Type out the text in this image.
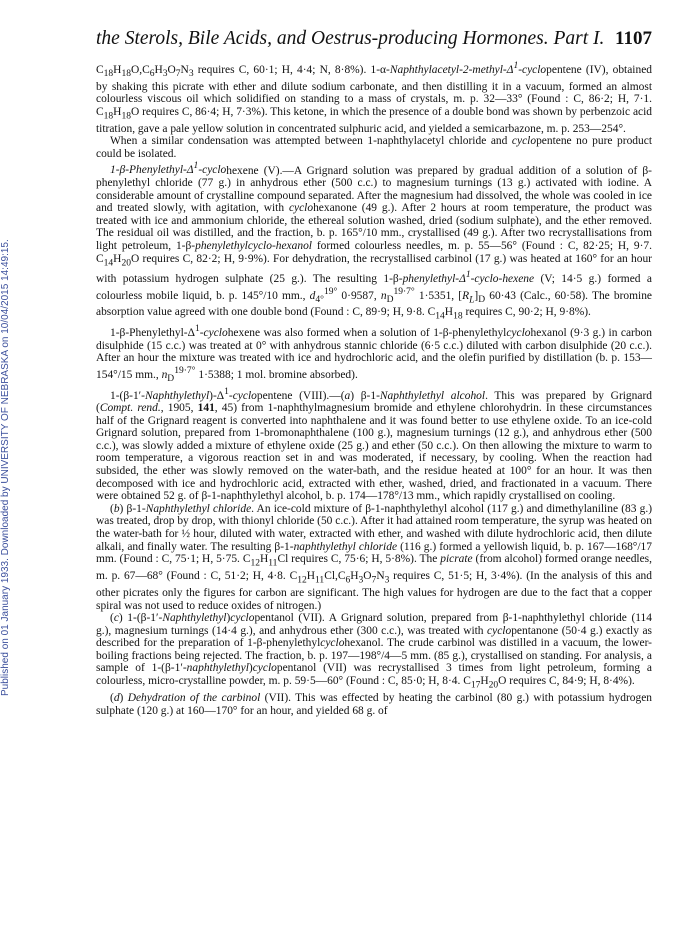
the Sterols, Bile Acids, and Oestrus-producing Hormones. Part I. 1107
Published on 01 January 1933. Downloaded by UNIVERSITY OF NEBRASKA on 10/04/2015 14:49:15.

$C_{18}H_{18}O,C_6H_3O_7N_3$ requires C, 60·1; H, 4·4; N, 8·8%). $1-\alpha-Naphthylacetyl-2-methyl-\Delta^1$-cyclopentene (IV), obtained by shaking this picrate with ether and dilute sodium carbonate, and then distilling it in a vacuum, formed an almost colourless viscous oil which solidified on standing to a mass of crystals, m. p. 32—33° (Found : C, 86·2; H, 7·1. $C_{18}H_{18}O$ requires C, 86·4; H, 7·3%). This ketone, in which the presence of a double bond was shown by perbenzoic acid titration, gave a pale yellow solution in concentrated sulphuric acid, and yielded a semicarbazone, m. p. 253—254°.

When a similar condensation was attempted between 1-naphthylacetyl chloride and cyclopentene no pure product could be isolated.

$1-\beta-Phenylethyl-\Delta^1$-cyclohexene (V).—A Grignard solution was prepared by gradual addition of a solution of β-phenylethyl chloride (77 g.) in anhydrous ether (500 c.c.) to magnesium turnings (13 g.) activated with iodine. A considerable amount of crystalline compound separated. After the magnesium had dissolved, the whole was cooled in ice and treated slowly, with agitation, with cyclohexanone (49 g.). After 2 hours at room temperature, the product was treated with ice and ammonium chloride, the ethereal solution washed, dried (sodium sulphate), and the ether removed. The residual oil was distilled, and the fraction, b. p. 165°/10 mm., crystallised (49 g.). After two recrystallisations from light petroleum, 1-β-phenylethylcyclo-hexanol formed colourless needles, m. p. 55—56° (Found : C, 82·25; H, 9·7. $C_{14}H_{20}O$ requires C, 82·2; H, 9·9%). For dehydration, the recrystallised carbinol (17 g.) was heated at 160° for an hour with potassium hydrogen sulphate (25 g.). The resulting $1-\beta-phenylethyl-\Delta^1-cyclo$-hexene (V; 14·5 g.) formed a colourless mobile liquid, b. p. 145°/10 mm., $d_{4^\circ}^{19^\circ}$ 0·9587, $n_D^{19\cdot 7^\circ}$ 1·5351, $[R_L]_D$ 60·43 (Calc., 60·58). The bromine absorption value agreed with one double bond (Found : C, 89·9; H, 9·8. $C_{14}H_{18}$ requires C, 90·2; H, 9·8%).

$1-\beta-Phenylethyl-\Delta^1$-cyclohexene was also formed when a solution of 1-β-phenylethylcyclohexanol (9·3 g.) in carbon disulphide (15 c.c.) was treated at 0° with anhydrous stannic chloride (6·5 c.c.) diluted with carbon disulphide (20 c.c.). After an hour the mixture was treated with ice and hydrochloric acid, and the olefin purified by distillation (b. p. 153—154°/15 mm., $n_D^{19\cdot 7^\circ}$ 1·5388; 1 mol. bromine absorbed).

$1-(\beta-1'-Naphthylethyl)-\Delta^1$-cyclopentene (VIII).—(a) β-1-Naphthylethyl alcohol. This was prepared by Grignard (Compt. rend., 1905, 141, 45) from 1-naphthylmagnesium bromide and ethylene chlorohydrin. In these circumstances half of the Grignard reagent is converted into naphthalene and it was found better to use ethylene oxide. To an ice-cold Grignard solution, prepared from 1-bromonaphthalene (100 g.), magnesium turnings (12 g.), and anhydrous ether (500 c.c.), was slowly added a mixture of ethylene oxide (25 g.) and ether (50 c.c.). On then allowing the mixture to warm to room temperature, a vigorous reaction set in and was moderated, if necessary, by cooling. When the reaction had subsided, the ether was slowly removed on the water-bath, and the residue heated at 100° for an hour. It was then decomposed with ice and hydrochloric acid, extracted with ether, washed, dried, and fractionated in a vacuum. There were obtained 52 g. of β-1-naphthylethyl alcohol, b. p. 174—178°/13 mm., which rapidly crystallised on cooling.

(b) β-1-Naphthylethyl chloride. An ice-cold mixture of β-1-naphthylethyl alcohol (117 g.) and dimethylaniline (83 g.) was treated, drop by drop, with thionyl chloride (50 c.c.). After it had attained room temperature, the syrup was heated on the water-bath for ½ hour, diluted with water, extracted with ether, and washed with dilute hydrochloric acid, then dilute alkali, and finally water. The resulting β-1-naphthylethyl chloride (116 g.) formed a yellowish liquid, b. p. 167—168°/17 mm. (Found : C, 75·1; H, 5·75. $C_{12}H_{11}Cl$ requires C, 75·6; H, 5·8%). The picrate (from alcohol) formed orange needles, m. p. 67—68° (Found : C, 51·2; H, 4·8. $C_{12}H_{11}Cl,C_6H_3O_7N_3$ requires C, 51·5; H, 3·4%). (In the analysis of this and other picrates only the figures for carbon are significant. The high values for hydrogen are due to the fact that a copper spiral was not used to reduce oxides of nitrogen.)

(c) 1-(β-1′-Naphthylethyl)cyclopentanol (VII). A Grignard solution, prepared from β-1-naphthylethyl chloride (114 g.), magnesium turnings (14·4 g.), and anhydrous ether (300 c.c.), was treated with cyclopentanone (50·4 g.) exactly as described for the preparation of 1-β-phenylethylcyclohexanol. The crude carbinol was distilled in a vacuum, the lower-boiling fractions being rejected. The fraction, b. p. 197—198°/4—5 mm. (85 g.), crystallised on standing. For analysis, a sample of 1-(β-1′-naphthylethyl)cyclopentanol (VII) was recrystallised 3 times from light petroleum, forming a colourless, micro-crystalline powder, m. p. 59·5—60° (Found : C, 85·0; H, 8·4. $C_{17}H_{20}O$ requires C, 84·9; H, 8·4%).

(d) Dehydration of the carbinol (VII). This was effected by heating the carbinol (80 g.) with potassium hydrogen sulphate (120 g.) at 160—170° for an hour, and yielded 68 g. of
